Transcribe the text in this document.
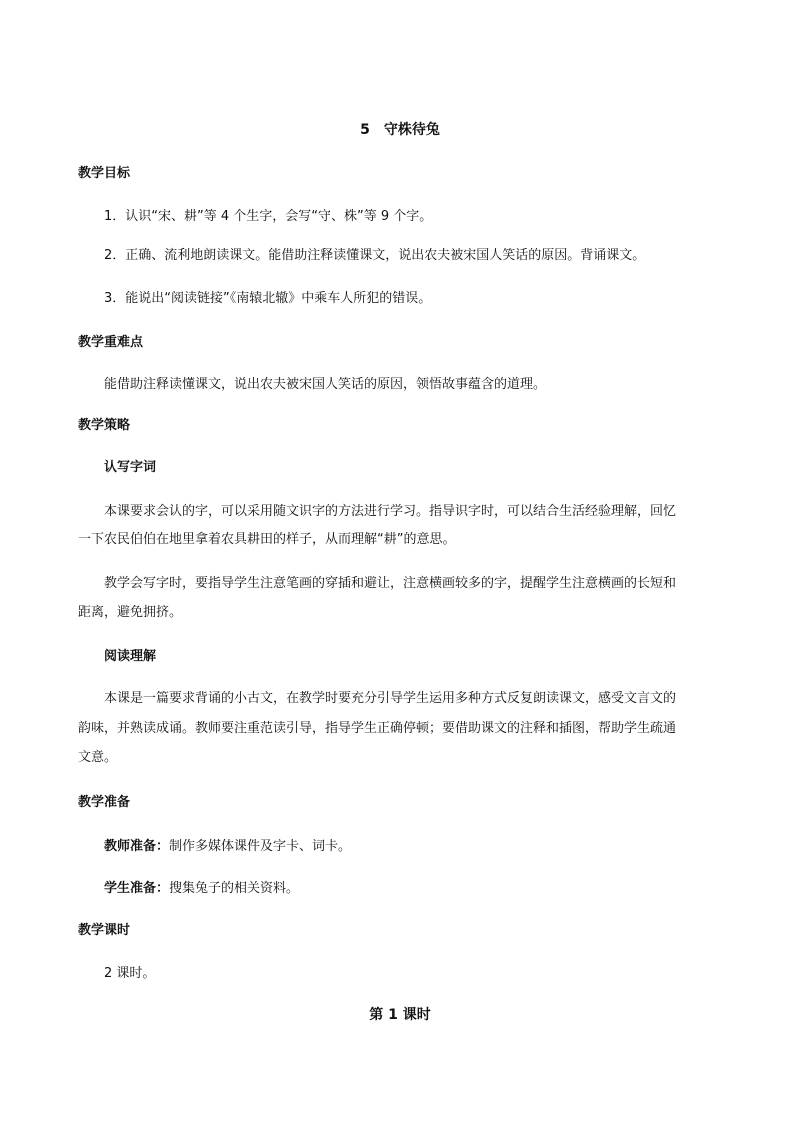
5　守株待兔
教学目标
1．认识“宋、耕”等 4 个生字，会写“守、株”等 9 个字。
2．正确、流利地朗读课文。能借助注释读懂课文，说出农夫被宋国人笑话的原因。背诵课文。
3．能说出“阅读链接”《南辕北辙》中乘车人所犯的错误。
教学重难点
能借助注释读懂课文，说出农夫被宋国人笑话的原因，领悟故事蕴含的道理。
教学策略
认写字词
本课要求会认的字，可以采用随文识字的方法进行学习。指导识字时，可以结合生活经验理解，回忆
一下农民伯伯在地里拿着农具耕田的样子，从而理解“耕”的意思。
教学会写字时，要指导学生注意笔画的穿插和避让，注意横画较多的字，提醒学生注意横画的长短和
距离，避免拥挤。
阅读理解
本课是一篇要求背诵的小古文，在教学时要充分引导学生运用多种方式反复朗读课文，感受文言文的
韵味，并熟读成诵。教师要注重范读引导，指导学生正确停顿；要借助课文的注释和插图，帮助学生疏通
文意。
教学准备
教师准备：制作多媒体课件及字卡、词卡。
学生准备：搜集兔子的相关资料。
教学课时
2 课时。
第 1 课时
